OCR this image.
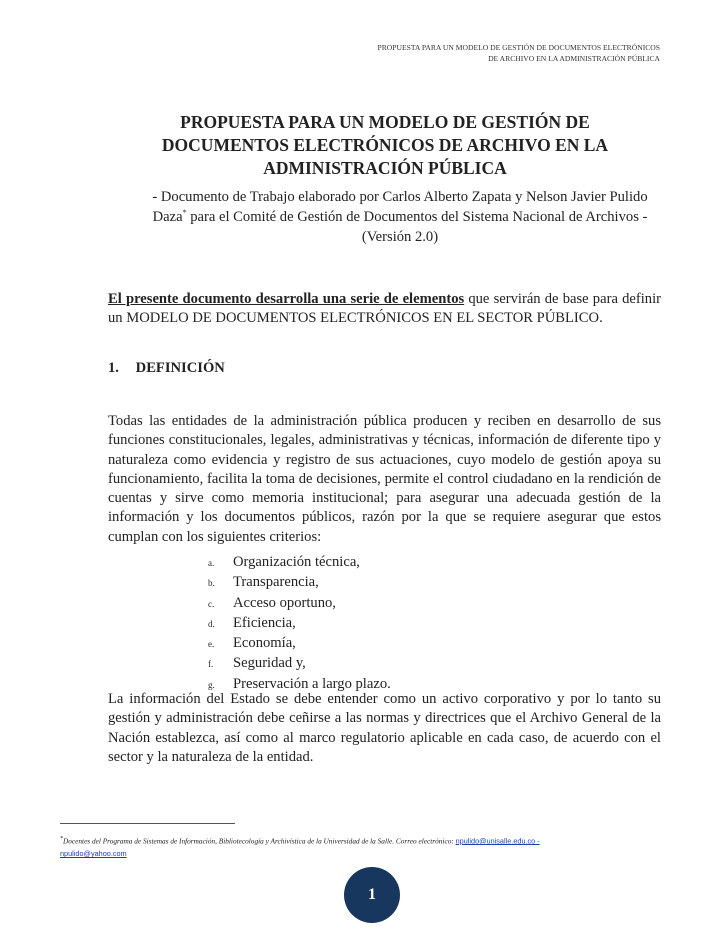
PROPUESTA PARA UN MODELO DE GESTIÓN DE DOCUMENTOS ELECTRÓNICOS
DE ARCHIVO EN LA ADMINISTRACIÓN PÚBLICA
PROPUESTA PARA UN MODELO DE GESTIÓN DE
DOCUMENTOS ELECTRÓNICOS DE ARCHIVO EN LA
ADMINISTRACIÓN PÚBLICA
- Documento de Trabajo elaborado por Carlos Alberto Zapata y Nelson Javier Pulido Daza* para el Comité de Gestión de Documentos del Sistema Nacional de Archivos - (Versión 2.0)
El presente documento desarrolla una serie de elementos que servirán de base para definir un MODELO DE DOCUMENTOS ELECTRÓNICOS EN EL SECTOR PÚBLICO.
1. DEFINICIÓN
Todas las entidades de la administración pública producen y reciben en desarrollo de sus funciones constitucionales, legales, administrativas y técnicas, información de diferente tipo y naturaleza como evidencia y registro de sus actuaciones, cuyo modelo de gestión apoya su funcionamiento, facilita la toma de decisiones, permite el control ciudadano en la rendición de cuentas y sirve como memoria institucional; para asegurar una adecuada gestión de la información y los documentos públicos, razón por la que se requiere asegurar que estos cumplan con los siguientes criterios:
a.	Organización técnica,
b.	Transparencia,
c.	Acceso oportuno,
d.	Eficiencia,
e.	Economía,
f.	Seguridad y,
g.	Preservación a largo plazo.
La información del Estado se debe entender como un activo corporativo y por lo tanto su gestión y administración debe ceñirse a las normas y directrices que el Archivo General de la Nación establezca, así como al marco regulatorio aplicable en cada caso, de acuerdo con el sector y la naturaleza de la entidad.
*Docentes del Programa de Sistemas de Información, Bibliotecología y Archivística de la Universidad de la Salle. Correo electrónico: npulido@unisalle.edu.co -
npulido@yahoo.com
1
